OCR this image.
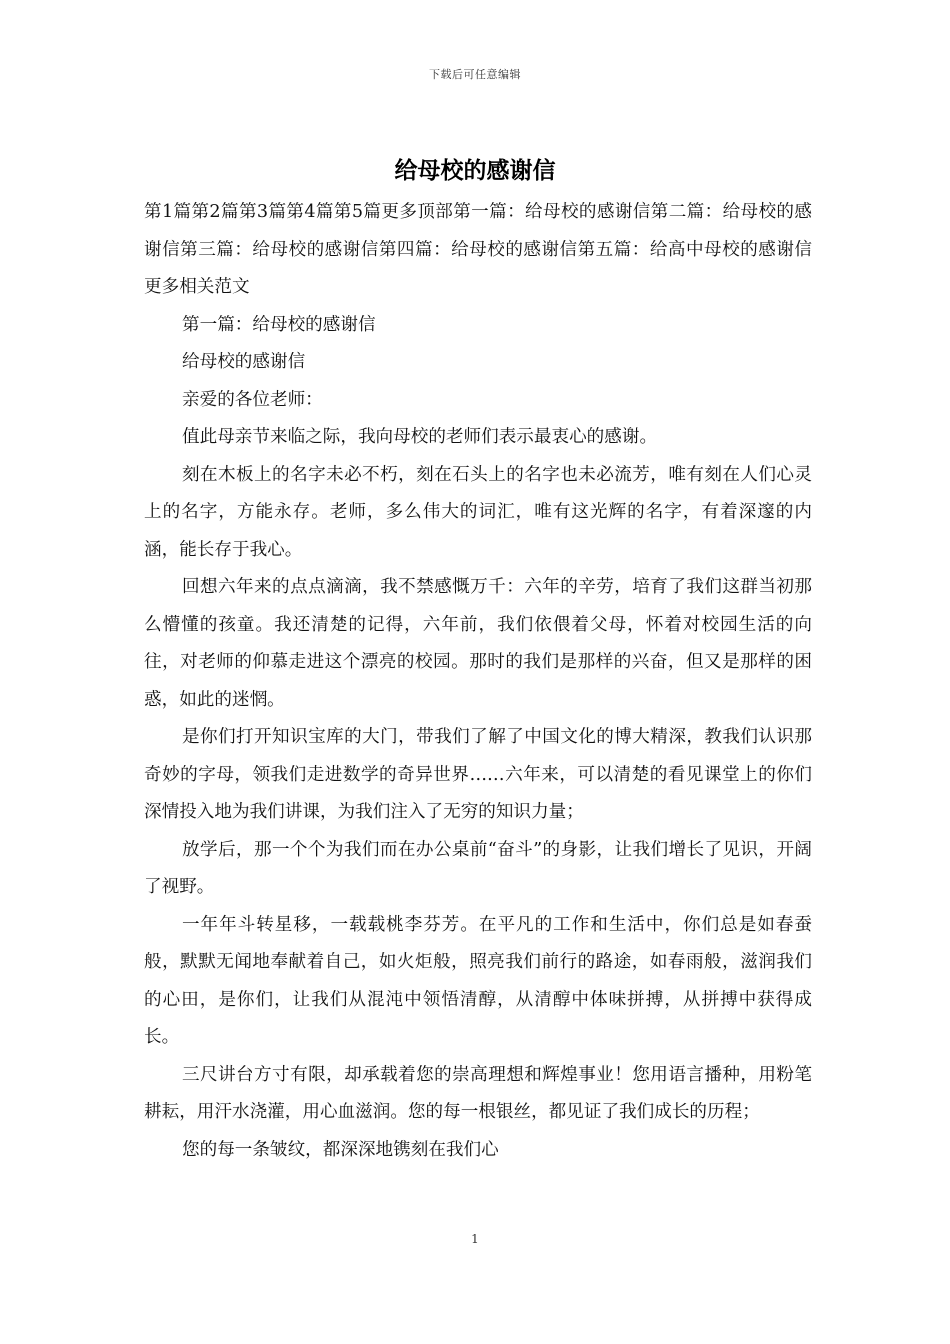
下载后可任意编辑
给母校的感谢信

第1篇第2篇第3篇第4篇第5篇更多顶部第一篇：给母校的感谢信第二篇：给母校的感谢信第三篇：给母校的感谢信第四篇：给母校的感谢信第五篇：给高中母校的感谢信更多相关范文

第一篇：给母校的感谢信

给母校的感谢信

亲爱的各位老师：

值此母亲节来临之际，我向母校的老师们表示最衷心的感谢。

刻在木板上的名字未必不朽，刻在石头上的名字也未必流芳，唯有刻在人们心灵上的名字，方能永存。老师，多么伟大的词汇，唯有这光辉的名字，有着深邃的内涵，能长存于我心。

回想六年来的点点滴滴，我不禁感慨万千：六年的辛劳，培育了我们这群当初那么懵懂的孩童。我还清楚的记得，六年前，我们依偎着父母，怀着对校园生活的向往，对老师的仰慕走进这个漂亮的校园。那时的我们是那样的兴奋，但又是那样的困惑，如此的迷惘。

是你们打开知识宝库的大门，带我们了解了中国文化的博大精深，教我们认识那奇妙的字母，领我们走进数学的奇异世界……六年来，可以清楚的看见课堂上的你们深情投入地为我们讲课，为我们注入了无穷的知识力量；

放学后，那一个个为我们而在办公桌前“奋斗”的身影，让我们增长了见识，开阔了视野。

一年年斗转星移，一载载桃李芬芳。在平凡的工作和生活中，你们总是如春蚕般，默默无闻地奉献着自己，如火炬般，照亮我们前行的路途，如春雨般，滋润我们的心田，是你们，让我们从混沌中领悟清醇，从清醇中体味拼搏，从拼搏中获得成长。

三尺讲台方寸有限，却承载着您的崇高理想和辉煌事业！您用语言播种，用粉笔耕耘，用汗水浇灌，用心血滋润。您的每一根银丝，都见证了我们成长的历程；

您的每一条皱纹，都深深地镌刻在我们心

1
